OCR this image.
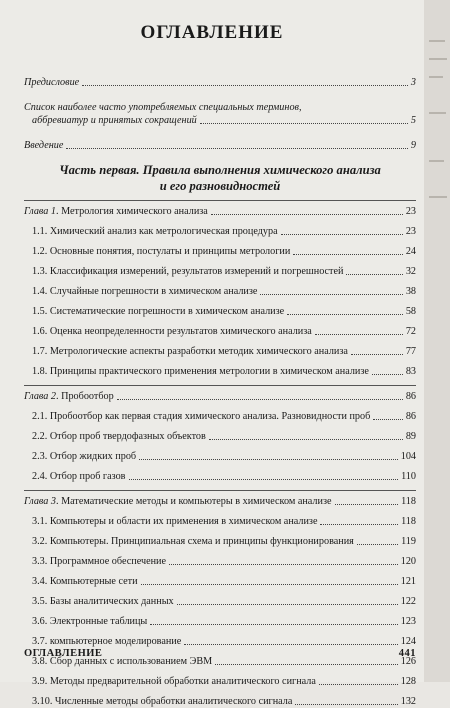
ОГЛАВЛЕНИЕ
Предисловие	3
Список наиболее часто употребляемых специальных терминов,
аббревиатур и принятых сокращений	5
Введение	9
Часть первая. Правила выполнения химического анализа
и его разновидностей
Глава 1. Метрология химического анализа	23
1.1. Химический анализ как метрологическая процедура	23
1.2. Основные понятия, постулаты и принципы метрологии	24
1.3. Классификация измерений, результатов измерений и погрешностей	32
1.4. Случайные погрешности в химическом анализе	38
1.5. Систематические погрешности в химическом анализе	58
1.6. Оценка неопределенности результатов химического анализа	72
1.7. Метрологические аспекты разработки методик химического анализа	77
1.8. Принципы практического применения метрологии в химическом анализе	83
Глава 2. Пробоотбор	86
2.1. Пробоотбор как первая стадия химического анализа. Разновидности проб	86
2.2. Отбор проб твердофазных объектов	89
2.3. Отбор жидких проб	104
2.4. Отбор проб газов	110
Глава 3. Математические методы и компьютеры в химическом анализе	118
3.1. Компьютеры и области их применения в химическом анализе	118
3.2. Компьютеры. Принципиальная схема и принципы функционирования	119
3.3. Программное обеспечение	120
3.4. Компьютерные сети	121
3.5. Базы аналитических данных	122
3.6. Электронные таблицы	123
3.7. компьютерное моделирование	124
3.8. Сбор данных с использованием ЭВМ	126
3.9. Методы предварительной обработки аналитического сигнала	128
3.10. Численные методы обработки аналитического сигнала	132
ОГЛАВЛЕНИЕ	441
